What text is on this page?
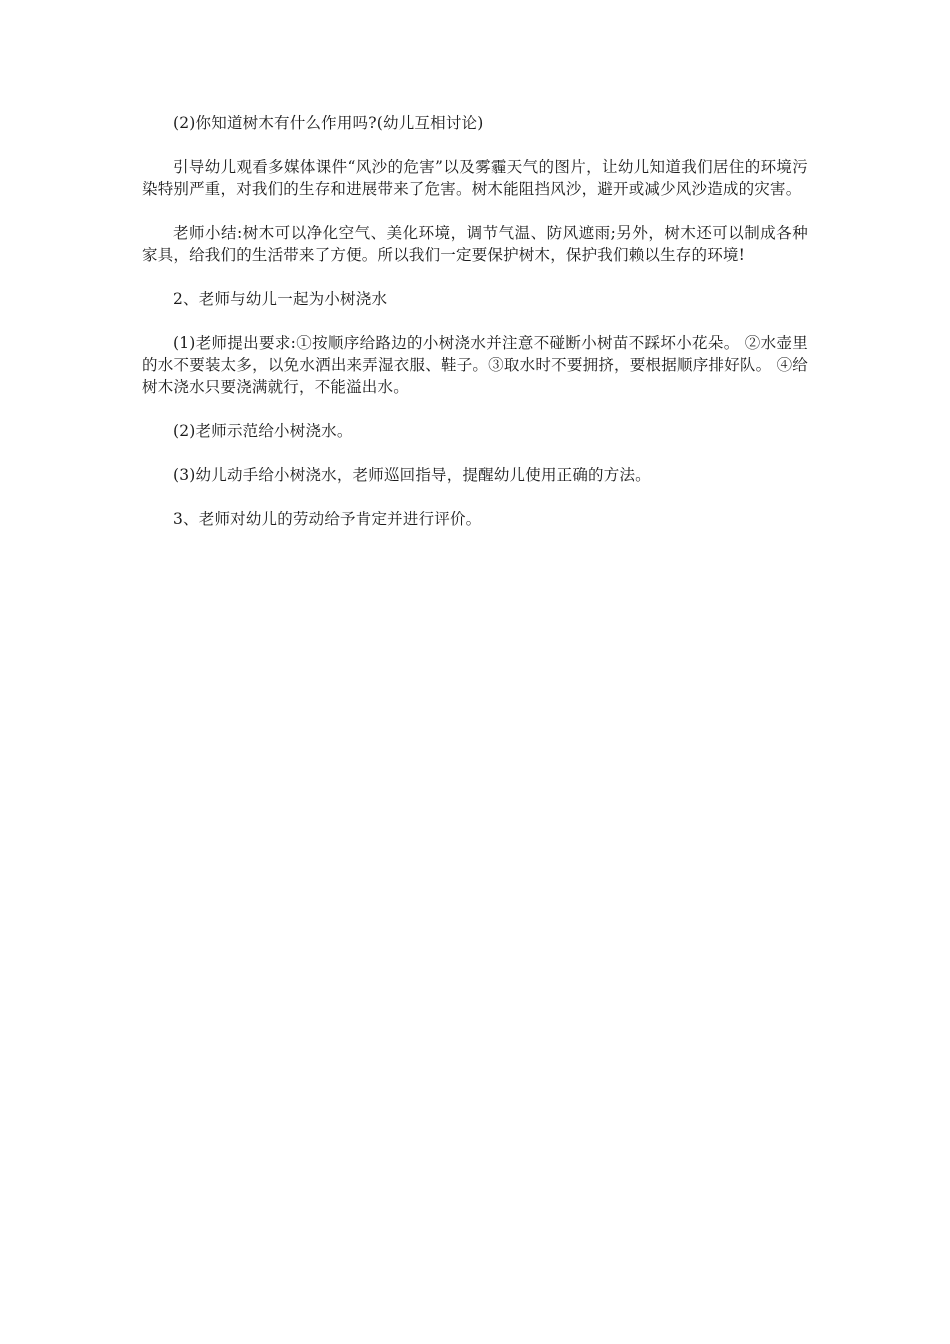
(2)你知道树木有什么作用吗?(幼儿互相讨论)

引导幼儿观看多媒体课件“风沙的危害”以及雾霾天气的图片，让幼儿知道我们居住的环境污染特别严重，对我们的生存和进展带来了危害。树木能阻挡风沙，避开或减少风沙造成的灾害。

老师小结:树木可以净化空气、美化环境，调节气温、防风遮雨;另外，树木还可以制成各种家具，给我们的生活带来了方便。所以我们一定要保护树木，保护我们赖以生存的环境!

2、老师与幼儿一起为小树浇水

(1)老师提出要求:①按顺序给路边的小树浇水并注意不碰断小树苗不踩坏小花朵。 ②水壶里的水不要装太多，以免水洒出来弄湿衣服、鞋子。③取水时不要拥挤，要根据顺序排好队。 ④给树木浇水只要浇满就行，不能溢出水。

(2)老师示范给小树浇水。

(3)幼儿动手给小树浇水，老师巡回指导，提醒幼儿使用正确的方法。

3、老师对幼儿的劳动给予肯定并进行评价。
